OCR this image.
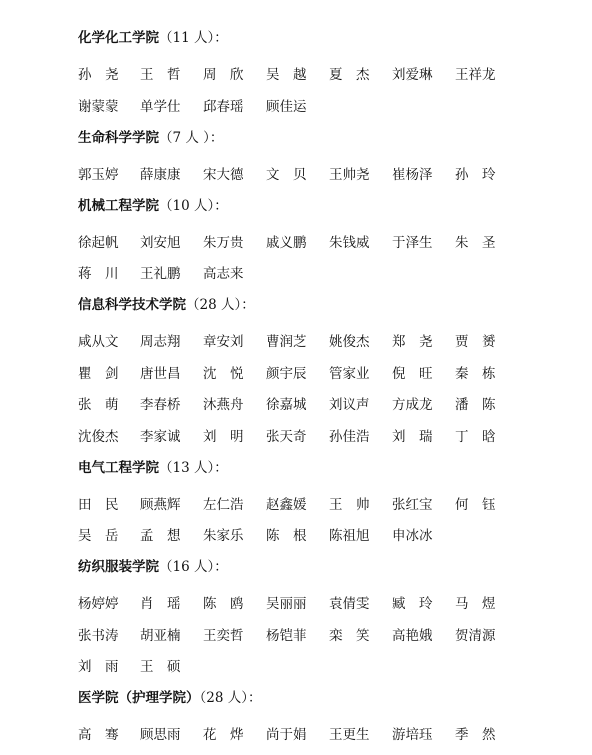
化学化工学院（11 人）：
孙　尧	王　哲	周　欣	吴　越	夏　杰	刘爱琳	王祥龙
谢蒙蒙	单学仕	邱春瑶	顾佳运
生命科学学院（7 人 ）：
郭玉婷	薛康康	宋大德	文　贝	王帅尧	崔杨泽	孙　玲
机械工程学院（10 人）：
徐起帆	刘安旭	朱万贵	戚义鹏	朱钱威	于泽生	朱　圣
蒋　川	王礼鹏	高志来
信息科学技术学院（28 人）：
咸从文	周志翔	章安刘	曹润芝	姚俊杰	郑　尧	贾　赟
瞿　剑	唐世昌	沈　悦	颜宇辰	管家业	倪　旺	秦　栋
张　萌	李春桥	沐燕舟	徐嘉城	刘议声	方成龙	潘　陈
沈俊杰	李家诚	刘　明	张天奇	孙佳浩	刘　瑞	丁　晗
电气工程学院（13 人）：
田　民	顾燕辉	左仁浩	赵鑫媛	王　帅	张红宝	何　钰
吴　岳	孟　想	朱家乐	陈　根	陈祖旭	申冰冰
纺织服装学院（16 人）：
杨婷婷	肖　瑶	陈　鸥	吴丽丽	袁倩雯	臧　玲	马　煜
张书涛	胡亚楠	王奕哲	杨铠菲	栾　笑	高艳娥	贺清源
刘　雨	王　硕
医学院（护理学院）（28 人）：
高　骞	顾思雨	花　烨	尚于娟	王更生	游培珏	季　然
